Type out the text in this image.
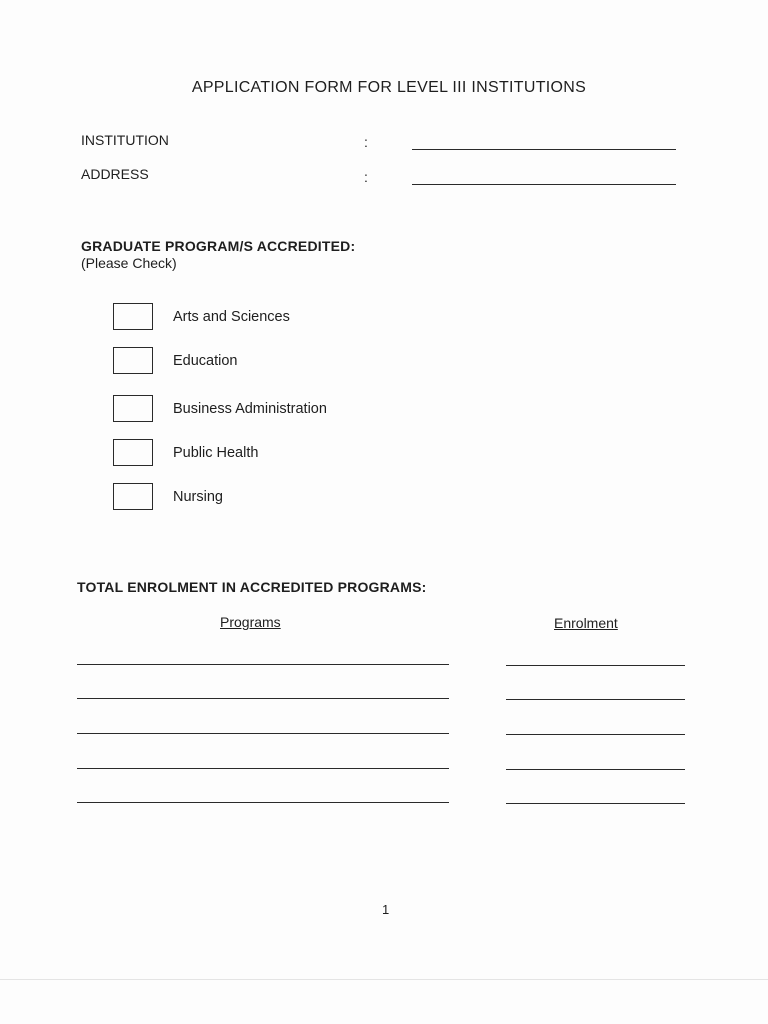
APPLICATION FORM FOR LEVEL III INSTITUTIONS
INSTITUTION	:
ADDRESS	:
GRADUATE PROGRAM/S ACCREDITED:
(Please Check)
Arts and Sciences
Education
Business Administration
Public Health
Nursing
TOTAL ENROLMENT IN ACCREDITED PROGRAMS:
Programs	Enrolment
1
